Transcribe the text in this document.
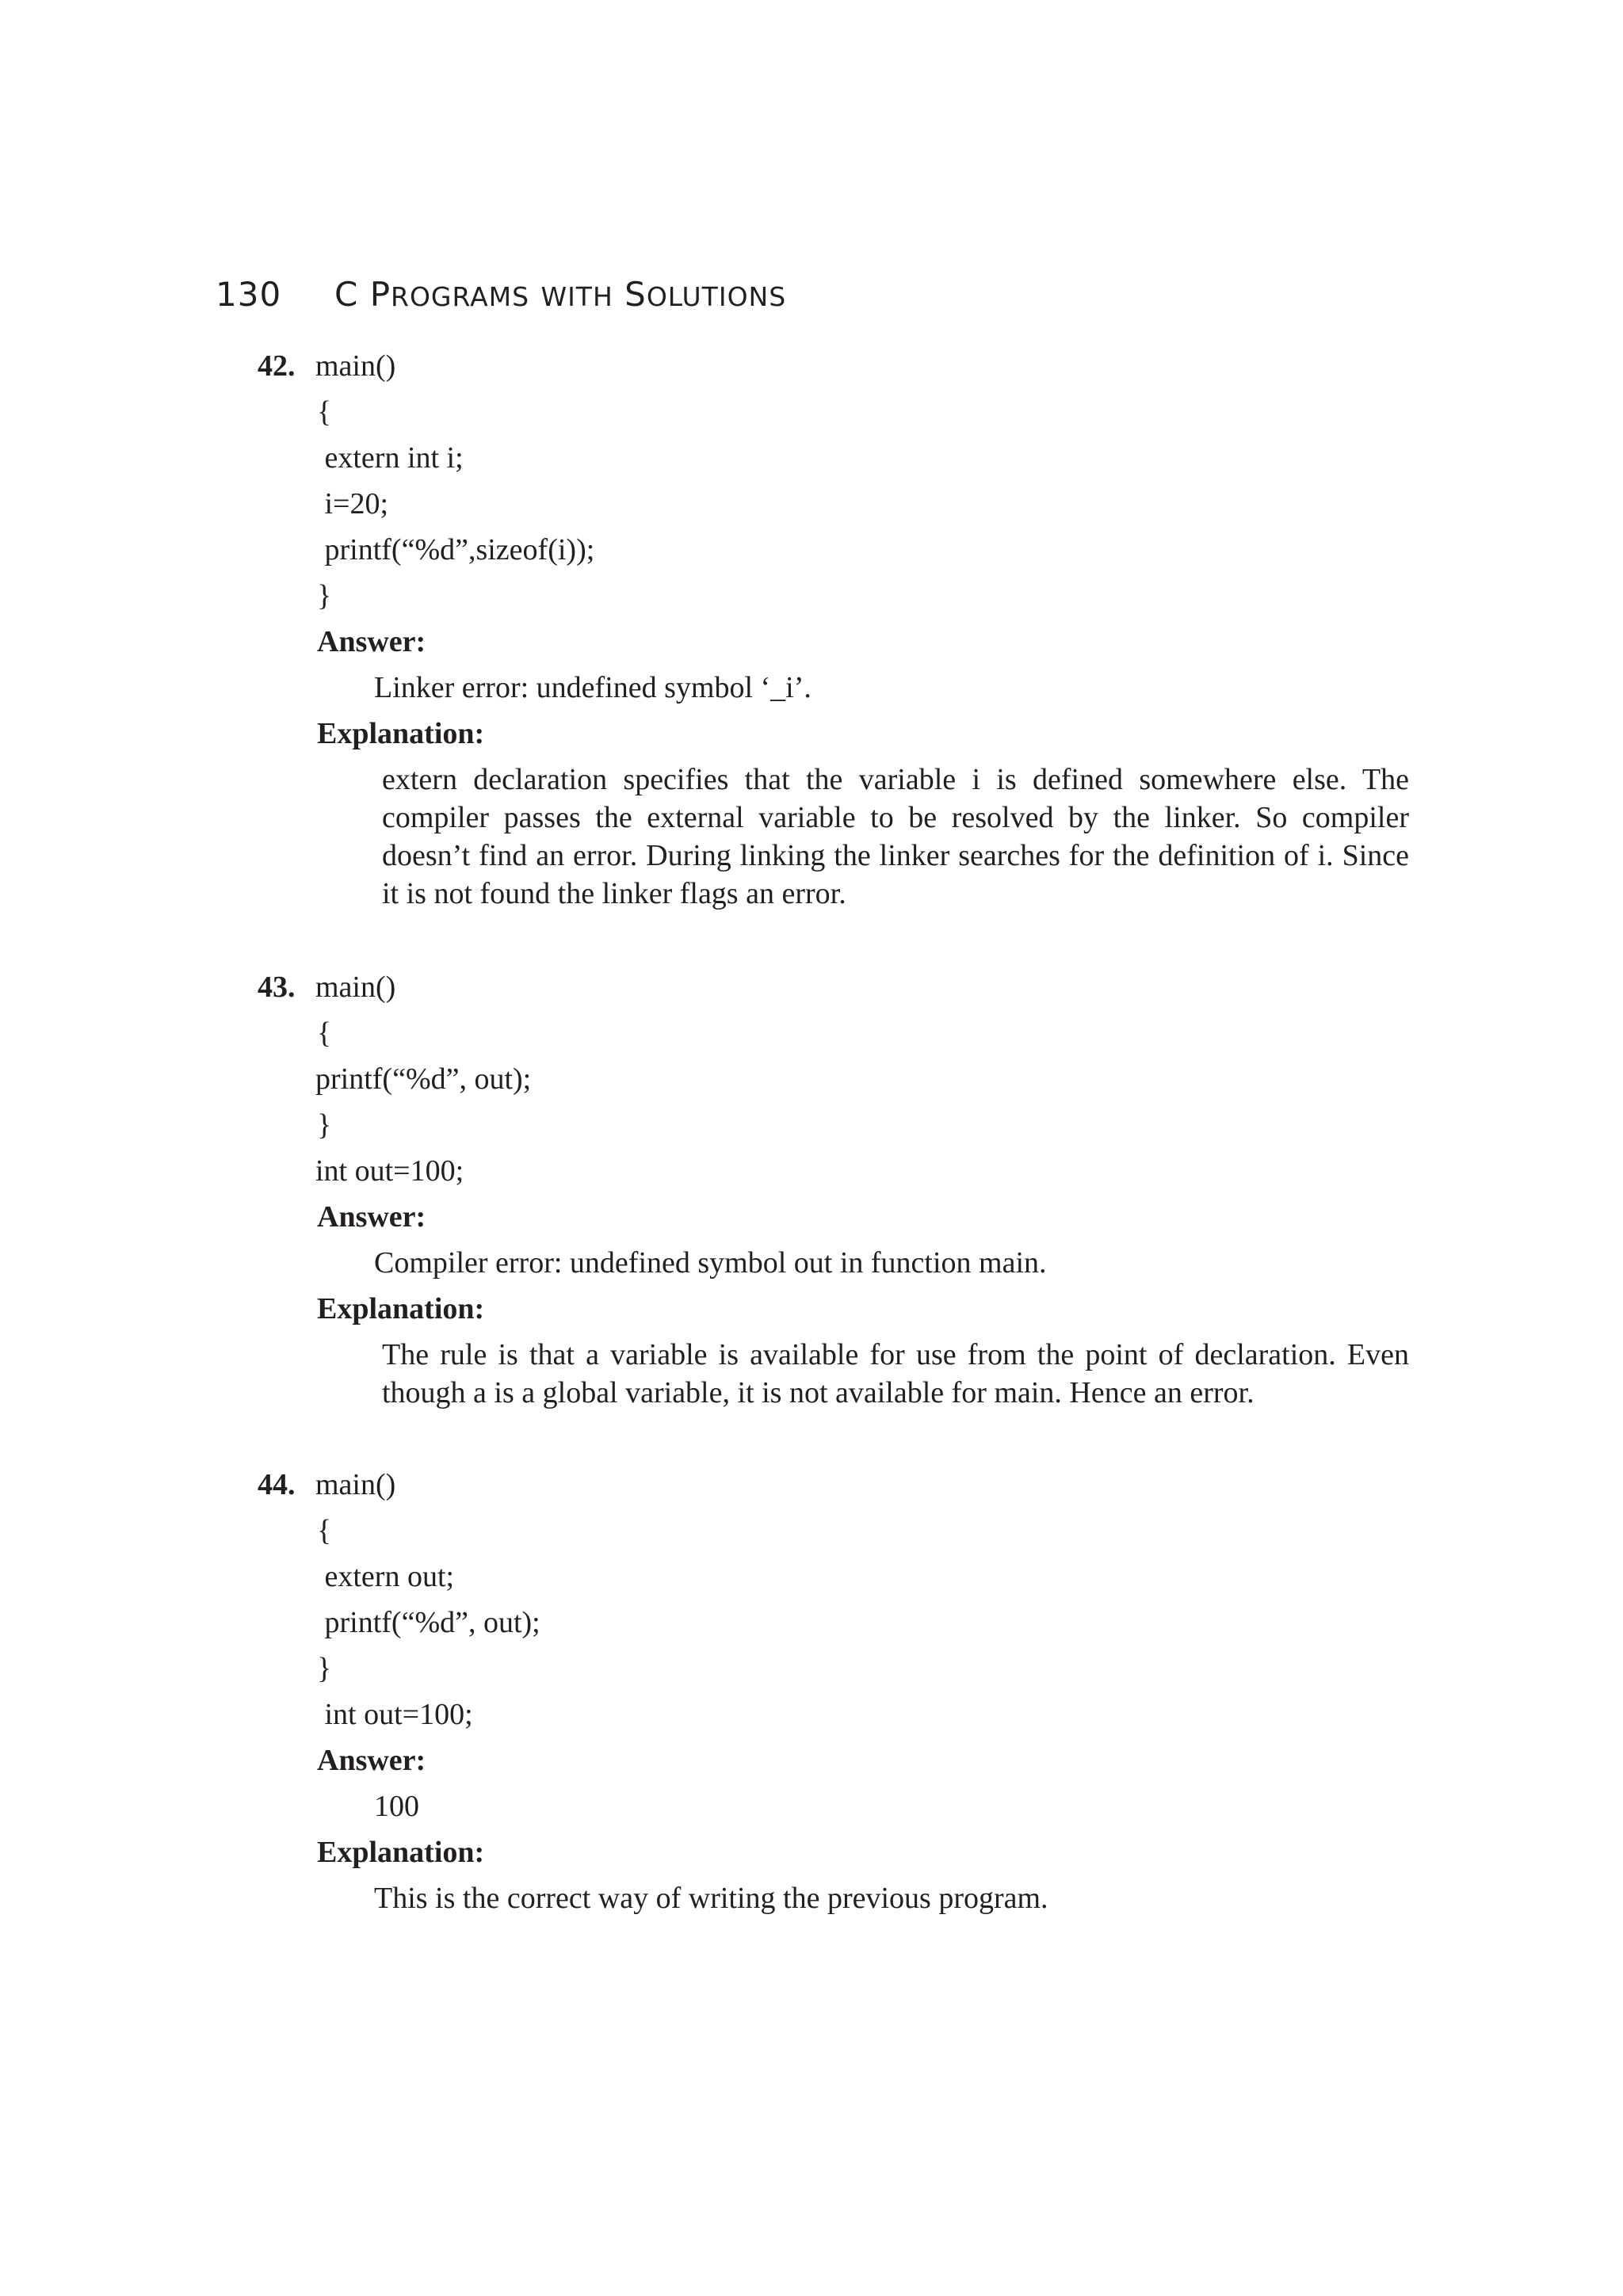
130 C PROGRAMS WITH SOLUTIONS
42. main()
{
extern int i;
i=20;
printf(“%d”,sizeof(i));
}
Answer:
Linker error: undefined symbol ‘_i’.
Explanation:
extern declaration specifies that the variable i is defined somewhere else. The compiler passes the external variable to be resolved by the linker. So compiler doesn’t find an error. During linking the linker searches for the definition of i. Since it is not found the linker flags an error.
43. main()
{
printf(“%d”, out);
}
int out=100;
Answer:
Compiler error: undefined symbol out in function main.
Explanation:
The rule is that a variable is available for use from the point of declaration. Even though a is a global variable, it is not available for main. Hence an error.
44. main()
{
extern out;
printf(“%d”, out);
}
int out=100;
Answer:
100
Explanation:
This is the correct way of writing the previous program.
